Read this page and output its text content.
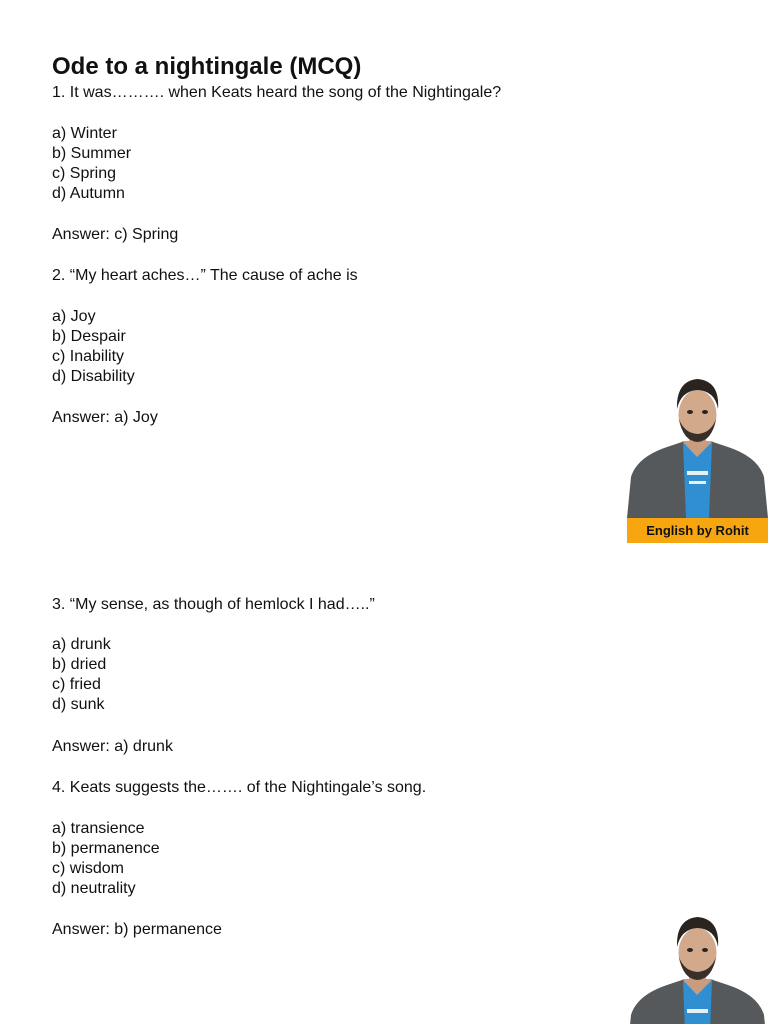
Ode to a nightingale (MCQ)

1. It was………. when Keats heard the song of the Nightingale?

a) Winter

b) Summer

c) Spring

d) Autumn

Answer: c) Spring

2. “My heart aches…” The cause of ache is

a) Joy

b) Despair

c) Inability

d) Disability

Answer: a) Joy

3. “My sense, as though of hemlock I had…..”

a) drunk

b) dried

c) fried

d) sunk

Answer: a) drunk

4. Keats suggests the……. of the Nightingale’s song.

a) transience

b) permanence

c) wisdom

d) neutrality

Answer: b) permanence

English by Rohit
